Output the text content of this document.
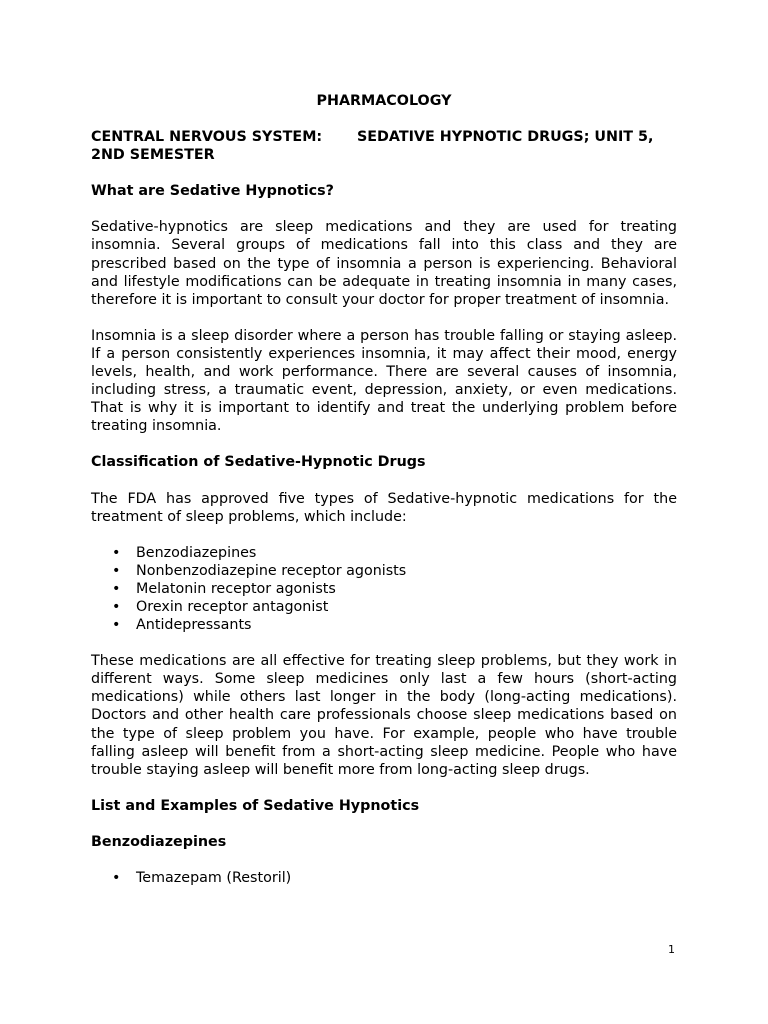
PHARMACOLOGY
CENTRAL NERVOUS SYSTEM:       SEDATIVE HYPNOTIC DRUGS; UNIT 5, 2ND SEMESTER
What are Sedative Hypnotics?

Sedative-hypnotics are sleep medications and they are used for treating insomnia. Several groups of medications fall into this class and they are prescribed based on the type of insomnia a person is experiencing. Behavioral and lifestyle modifications can be adequate in treating insomnia in many cases, therefore it is important to consult your doctor for proper treatment of insomnia.

Insomnia is a sleep disorder where a person has trouble falling or staying asleep. If a person consistently experiences insomnia, it may affect their mood, energy levels, health, and work performance. There are several causes of insomnia, including stress, a traumatic event, depression, anxiety, or even medications. That is why it is important to identify and treat the underlying problem before treating insomnia.

Classification of Sedative-Hypnotic Drugs

The FDA has approved five types of Sedative-hypnotic medications for the treatment of sleep problems, which include:

• Benzodiazepines
• Nonbenzodiazepine receptor agonists
• Melatonin receptor agonists
• Orexin receptor antagonist
• Antidepressants

These medications are all effective for treating sleep problems, but they work in different ways. Some sleep medicines only last a few hours (short-acting medications) while others last longer in the body (long-acting medications). Doctors and other health care professionals choose sleep medications based on the type of sleep problem you have. For example, people who have trouble falling asleep will benefit from a short-acting sleep medicine. People who have trouble staying asleep will benefit more from long-acting sleep drugs.

List and Examples of Sedative Hypnotics
Benzodiazepines
• Temazepam (Restoril)
1
